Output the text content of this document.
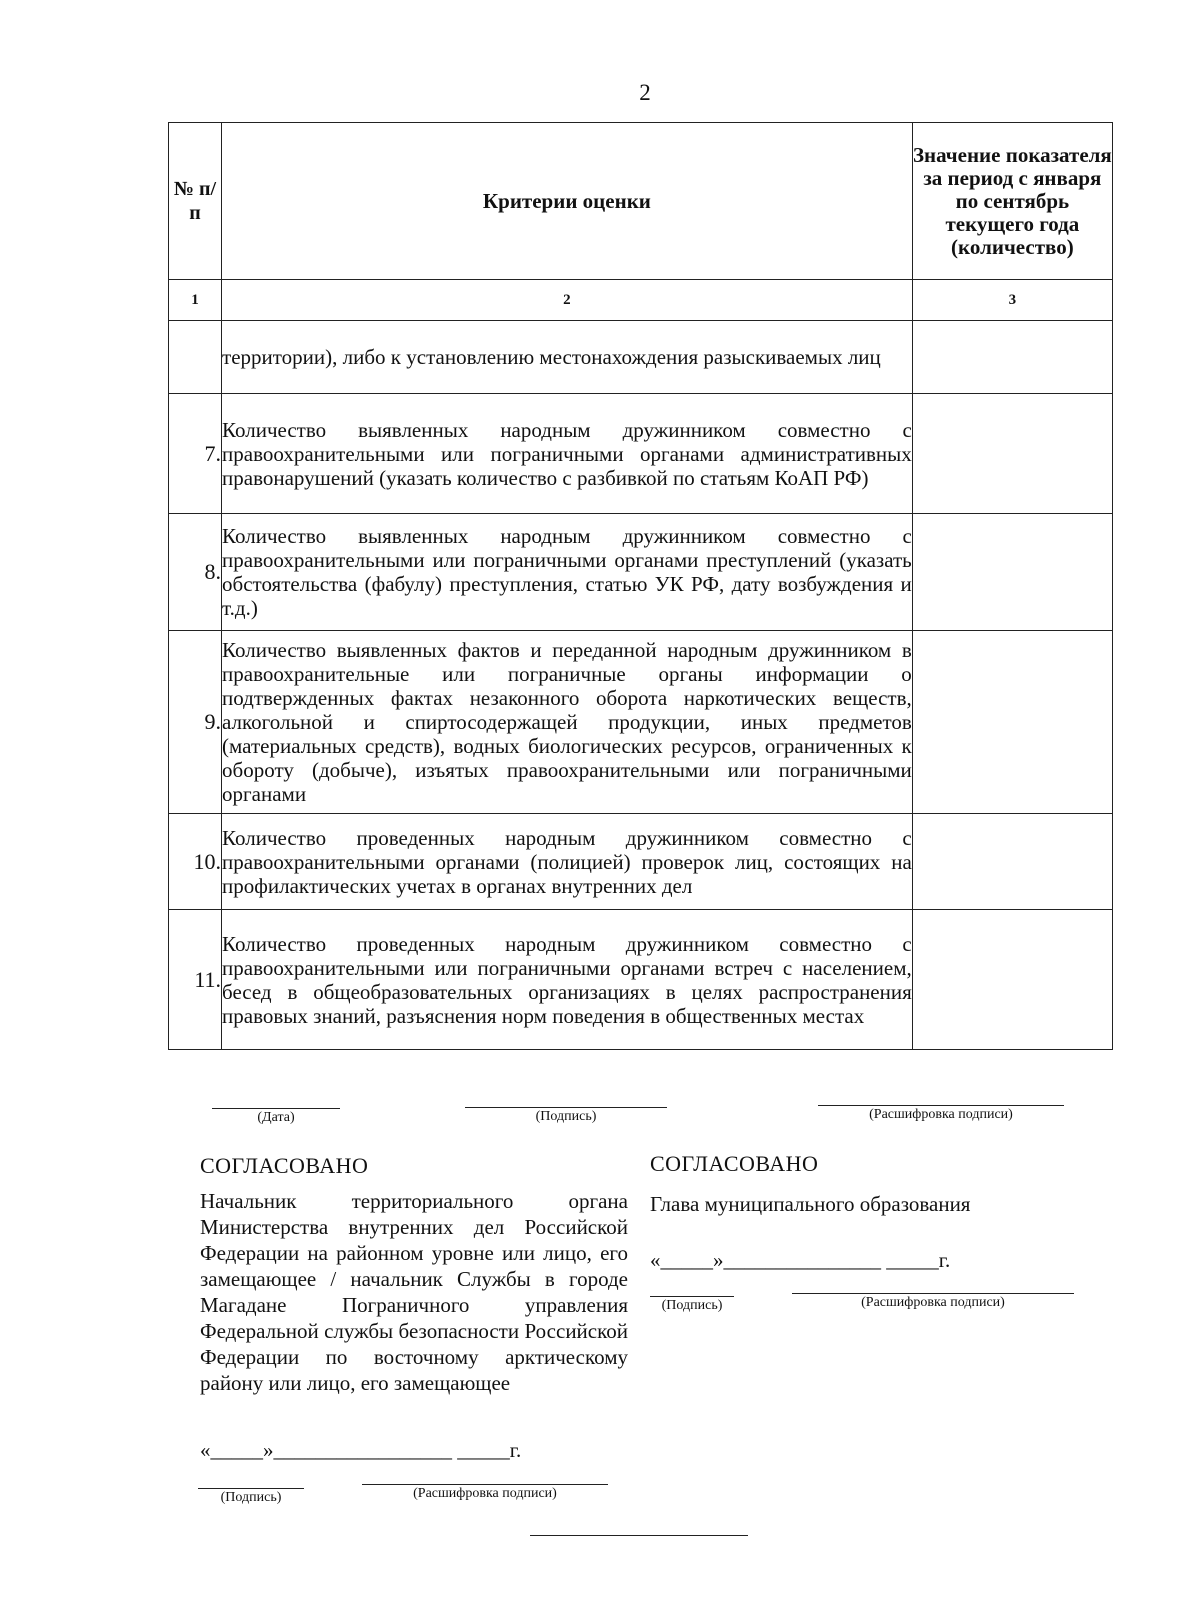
2
№ п/п	Критерии оценки	Значение показателя за период с января по сентябрь текущего года (количество)
1	2	3
	территории), либо к установлению местонахождения разыскиваемых лиц	
7.	Количество выявленных народным дружинником совместно с правоохранительными или пограничными органами административных правонарушений (указать количество с разбивкой по статьям КоАП РФ)	
8.	Количество выявленных народным дружинником совместно с правоохранительными или пограничными органами преступлений (указать обстоятельства (фабулу) преступления, статью УК РФ, дату возбуждения и т.д.)	
9.	Количество выявленных фактов и переданной народным дружинником в правоохранительные или пограничные органы информации о подтвержденных фактах незаконного оборота наркотических веществ, алкогольной и спиртосодержащей продукции, иных предметов (материальных средств), водных биологических ресурсов, ограниченных к обороту (добыче), изъятых правоохранительными или пограничными органами	
10.	Количество проведенных народным дружинником совместно с правоохранительными органами (полицией) проверок лиц, состоящих на профилактических учетах в органах внутренних дел	
11.	Количество проведенных народным дружинником совместно с правоохранительными или пограничными органами встреч с населением, бесед в общеобразовательных организациях в целях распространения правовых знаний, разъяснения норм поведения в общественных местах	
(Дата)	(Подпись)	(Расшифровка подписи)
СОГЛАСОВАНО
Начальник территориального органа Министерства внутренних дел Российской Федерации на районном уровне или лицо, его замещающее / начальник Службы в городе Магадане Пограничного управления Федеральной службы безопасности Российской Федерации по восточному арктическому району или лицо, его замещающее
«_____»_________________ _____г.
(Подпись)	(Расшифровка подписи)
СОГЛАСОВАНО
Глава муниципального образования
«_____»_______________ _____г.
(Подпись)	(Расшифровка подписи)
